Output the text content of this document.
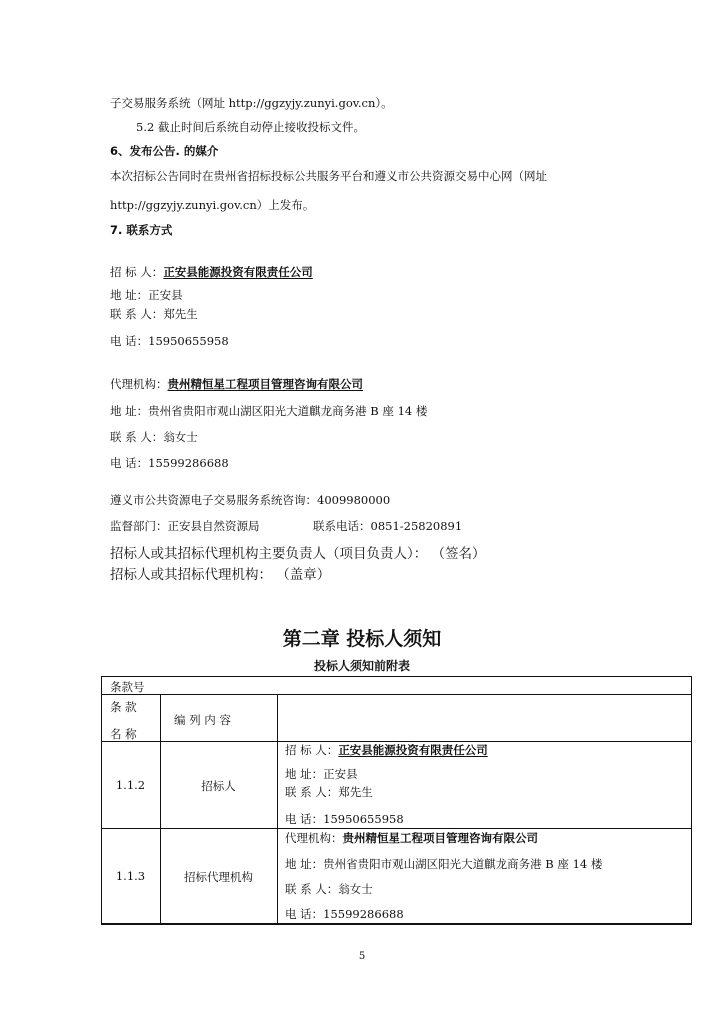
子交易服务系统（网址 http://ggzyjy.zunyi.gov.cn）。
5.2 截止时间后系统自动停止接收投标文件。
6、发布公告. 的媒介
本次招标公告同时在贵州省招标投标公共服务平台和遵义市公共资源交易中心网（网址
http://ggzyjy.zunyi.gov.cn）上发布。
7. 联系方式
招 标 人：正安县能源投资有限责任公司
地 址：正安县
联 系 人：郑先生
电 话：15950655958
代理机构：贵州精恒星工程项目管理咨询有限公司
地 址：贵州省贵阳市观山湖区阳光大道麒龙商务港 B 座 14 楼
联 系 人：翁女士
电 话：15599286688
遵义市公共资源电子交易服务系统咨询：4009980000
监督部门：正安县自然资源局	联系电话：0851-25820891
招标人或其招标代理机构主要负责人（项目负责人）： （签名）
招标人或其招标代理机构： （盖章）
第二章 投标人须知
投标人须知前附表
条款号
条 款
名 称
编 列 内 容
1.1.2	招标人
招 标 人：正安县能源投资有限责任公司
地 址：正安县
联 系 人：郑先生
电 话：15950655958
1.1.3	招标代理机构
代理机构：贵州精恒星工程项目管理咨询有限公司
地 址：贵州省贵阳市观山湖区阳光大道麒龙商务港 B 座 14 楼
联 系 人：翁女士
电 话：15599286688
5
